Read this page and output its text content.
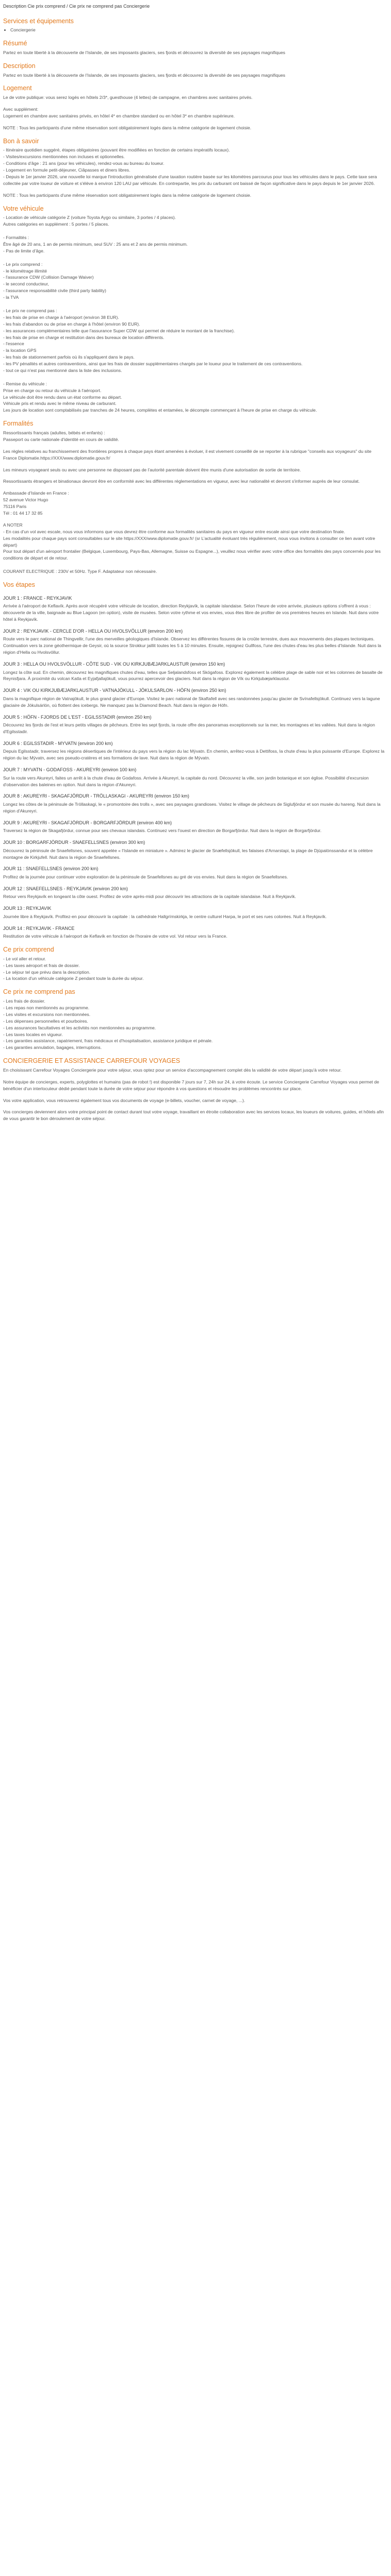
Description Cie prix comprend / Cie prix ne comprend pas Conciergerie
Services et équipements
• Conciergerie
Résumé

Partez en toute liberté à la découverte de l’Islande, de ses imposants glaciers, ses fjords et découvrez la diversité de ses paysages magnifiques

Description

Partez en toute liberté à la découverte de l’Islande, de ses imposants glaciers, ses fjords et découvrez la diversité de ses paysages magnifiques

Logement

Le de votre publique: vous serez logés en hôtels 2/3*, guesthouse (4 lettes) de campagne, en chambres avec sanitaires privés.

Avec supplément:
Logement en chambre avec sanitaires privés, en hôtel 4* en chambre standard ou en hôtel 3* en chambre supérieure.

NOTE : Tous les participants d'une même réservation sont obligatoirement logés dans la même catégorie de logement choisie.

Bon à savoir

- Itinéraire quotidien suggéré, étapes obligatoires (pouvant être modifiées en fonction de certains impératifs locaux).
- Visites/excursions mentionnées non incluses et optionnelles.
- Conditions d’âge : 21 ans (pour les véhicules), rendez-vous au bureau du loueur.
- Logement en formule petit-déjeuner, Ciâpasses et diners libres.
- Depuis le 1er janvier 2026, une nouvelle loi marque l'introduction généralisée d'une taxation routière basée sur les kilomètres parcourus pour tous les véhicules dans le pays. Cette taxe sera collectée par votre loueur de voiture et s'élève à environ 120 LAU par véhicule. En contrepartie, les prix du carburant ont baissé de façon significative dans le pays depuis le 1er janvier 2026.

NOTE : Tous les participants d'une même réservation sont obligatoirement logés dans la même catégorie de logement choisie.

Votre véhicule

- Location de véhicule catégorie Z (voiture Toyota Aygo ou similaire, 3 portes / 4 places).
Autres catégories en supplément : 5 portes / 5 places.

- Formalités :
Être âgé de 20 ans, 1 an de permis minimum, seul SUV : 25 ans et 2 ans de permis minimum.
- Pas de limite d’âge.

- Le prix comprend :
- le kilométrage illimité
- l'assurance CDW (Collision Damage Waiver)
- le second conducteur,
- l'assurance responsabilité civile (third party liability)
- la TVA

- Le prix ne comprend pas :
- les frais de prise en charge à l'aéroport (environ 38 EUR).
- les frais d'abandon ou de prise en charge à l'hôtel (environ 90 EUR).
- les assurances complémentaires telle que l'assurance Super CDW qui permet de réduire le montant de la franchise).
- les frais de prise en charge et restitution dans des bureaux de location différents.
- l'essence
- la location GPS
- les frais de stationnement parfois où ils s'appliquent dans le pays.
- les PV pénalités et autres contraventions, ainsi que les frais de dossier supplémentaires chargés par le loueur pour le traitement de ces contraventions.
- tout ce qui n'est pas mentionné dans la liste des inclusions.

- Remise du véhicule :
Prise en charge ou retour du véhicule à l'aéroport.
Le véhicule doit être rendu dans un état conforme au départ.
Véhicule pris et rendu avec le même niveau de carburant.
Les jours de location sont comptabilisés par tranches de 24 heures, complètes et entamées, le décompte commençant à l'heure de prise en charge du véhicule.

Formalités

Ressortissants français (adultes, bébés et enfants) :
Passeport ou carte nationale d'identité en cours de validité.

Les règles relatives au franchissement des frontières propres à chaque pays étant amenées à évoluer, il est vivement conseillé de se reporter à la rubrique "conseils aux voyageurs" du site France Diplomatie.https://XXX/www.diplomatie.gouv.fr/

Les mineurs voyageant seuls ou avec une personne ne disposant pas de l’autorité parentale doivent être munis d'une autorisation de sortie de territoire.

Ressortissants étrangers et binationaux devront être en conformité avec les différentes réglementations en vigueur, avec leur nationalité et devront s'informer auprès de leur consulat.

Ambassade d'Islande en France :
52 avenue Victor Hugo
75116 Paris
Tél : 01 44 17 32 85

A NOTER
- En cas d'un vol avec escale, nous vous informons que vous devrez être conforme aux formalités sanitaires du pays en vigueur entre escale ainsi que votre destination finale.
Les modalités pour chaque pays sont consultables sur le site https://XXX/www.diplomatie.gouv.fr/ (sr L’actualité évoluant très régulièrement, nous vous invitons à consulter ce lien avant votre départ)
Pour tout départ d'un aéroport frontalier (Belgique, Luxembourg, Pays-Bas, Allemagne, Suisse ou Espagne...), veuillez nous vérifier avec votre office des formalités des pays concernés pour les conditions de départ et de retour.

COURANT ELECTRIQUE : 230V et 50Hz. Type F. Adaptateur non nécessaire.

Vos étapes
JOUR 1 : FRANCE - REYKJAVIK

Arrivée à l'aéroport de Keflavík. Après avoir récupéré votre véhicule de location, direction Reykjavík, la capitale islandaise. Selon l'heure de votre arrivée, plusieurs options s'offrent à vous : découverte de la ville, baignade au Blue Lagoon (en option), visite de musées. Selon votre rythme et vos envies, vous êtes libre de profiter de vos premières heures en Islande. Nuit dans votre hôtel à Reykjavík.

JOUR 2 : REYKJAVIK - CERCLE D'OR - HELLA OU HVOLSVÖLLUR (environ 200 km)

Route vers le parc national de Thingvellir, l'une des merveilles géologiques d'Islande. Observez les différentes fissures de la croûte terrestre, dues aux mouvements des plaques tectoniques. Continuation vers la zone géothermique de Geysir, où la source Strokkur jaillit toutes les 5 à 10 minutes. Ensuite, rejoignez Gullfoss, l'une des chutes d'eau les plus belles d'Islande. Nuit dans la région d'Hella ou Hvolsvöllur.

JOUR 3 : HELLA OU HVOLSVÖLLUR - CÔTE SUD - VIK OU KIRKJUBÆJARKLAUSTUR (environ 150 km)

Longez la côte sud. En chemin, découvrez les magnifiques chutes d'eau, telles que Seljalandsfoss et Skógafoss. Explorez également la célèbre plage de sable noir et les colonnes de basalte de Reynisfjara. À proximité du volcan Katla et Eyjafjallajökull, vous pourrez apercevoir des glaciers. Nuit dans la région de Vík ou Kirkjubæjarklaustur.

JOUR 4 : VIK OU KIRKJUBÆJARKLAUSTUR - VATNAJÖKULL - JÖKULSARLON - HÖFN (environ 250 km)

Dans la magnifique région de Vatnajökull, le plus grand glacier d'Europe. Visitez le parc national de Skaftafell avec ses randonnées jusqu'au glacier de Svínafellsjökull. Continuez vers la lagune glaciaire de Jökulsárlón, où flottent des icebergs. Ne manquez pas la Diamond Beach. Nuit dans la région de Höfn.

JOUR 5 : HÖFN - FJORDS DE L'EST - EGILSSTADIR (environ 250 km)

Découvrez les fjords de l'est et leurs petits villages de pêcheurs. Entre les sept fjords, la route offre des panoramas exceptionnels sur la mer, les montagnes et les vallées. Nuit dans la région d'Egilsstadir.

JOUR 6 : EGILSSTADIR - MYVATN (environ 200 km)

Depuis Egilsstadir, traversez les régions désertiques de l'intérieur du pays vers la région du lac Mývatn. En chemin, arrêtez-vous à Dettifoss, la chute d'eau la plus puissante d'Europe. Explorez la région du lac Mývatn, avec ses pseudo-cratères et ses formations de lave. Nuit dans la région de Mývatn.

JOUR 7 : MYVATN - GODAFOSS - AKUREYRI (environ 100 km)

Sur la route vers Akureyri, faites un arrêt à la chute d'eau de Godafoss. Arrivée à Akureyri, la capitale du nord. Découvrez la ville, son jardin botanique et son église. Possibilité d'excursion d'observation des baleines en option. Nuit dans la région d'Akureyri.

JOUR 8 : AKUREYRI - SKAGAFJÖRDUR - TRÖLLASKAGI - AKUREYRI (environ 150 km)

Longez les côtes de la péninsule de Tröllaskagi, le « promontoire des trolls », avec ses paysages grandioses. Visitez le village de pêcheurs de Siglufjördur et son musée du hareng. Nuit dans la région d'Akureyri.

JOUR 9 : AKUREYRI - SKAGAFJÖRDUR - BORGARFJÖRDUR (environ 400 km)

Traversez la région de Skagafjördur, connue pour ses chevaux islandais. Continuez vers l'ouest en direction de Borgarfjördur. Nuit dans la région de Borgarfjördur.

JOUR 10 : BORGARFJÖRDUR - SNAEFELLSNES (environ 300 km)

Découvrez la péninsule de Snaefellsnes, souvent appelée « l'Islande en miniature ». Admirez le glacier de Snæfellsjökull, les falaises d'Arnarstapi, la plage de Djúpalónssandur et la célèbre montagne de Kirkjufell. Nuit dans la région de Snaefellsnes.

JOUR 11 : SNAEFELLSNES (environ 200 km)

Profitez de la journée pour continuer votre exploration de la péninsule de Snaefellsnes au gré de vos envies. Nuit dans la région de Snaefellsnes.

JOUR 12 : SNAEFELLSNES - REYKJAVIK (environ 200 km)

Retour vers Reykjavík en longeant la côte ouest. Profitez de votre après-midi pour découvrir les attractions de la capitale islandaise. Nuit à Reykjavík.

JOUR 13 : REYKJAVIK

Journée libre à Reykjavík. Profitez-en pour découvrir la capitale : la cathédrale Hallgrímskirkja, le centre culturel Harpa, le port et ses rues colorées. Nuit à Reykjavík.

JOUR 14 : REYKJAVIK - FRANCE

Restitution de votre véhicule à l'aéroport de Keflavík en fonction de l'horaire de votre vol. Vol retour vers la France.

Ce prix comprend

- Le vol aller et retour.
- Les taxes aéroport et frais de dossier.
- Le séjour tel que prévu dans la description.
- La location d'un véhicule catégorie Z pendant toute la durée du séjour.

Ce prix ne comprend pas

- Les frais de dossier.
- Les repas non mentionnés au programme.
- Les visites et excursions non mentionnées.
- Les dépenses personnelles et pourboires.
- Les assurances facultatives et les activités non mentionnées au programme.
- Les taxes locales en vigueur.
- Les garanties assistance, rapatriement, frais médicaux et d'hospitalisation, assistance juridique et pénale.
- Les garanties annulation, bagages, interruptions.

CONCIERGERIE ET ASSISTANCE CARREFOUR VOYAGES

En choisissant Carrefour Voyages Conciergerie pour votre séjour, vous optez pour un service d'accompagnement complet dès la validité de votre départ jusqu'à votre retour.

Notre équipe de concierges, experts, polyglottes et humains (pas de robot !) est disponible 7 jours sur 7, 24h sur 24, à votre écoute. Le service Conciergerie Carrefour Voyages vous permet de bénéficier d'un interlocuteur dédié pendant toute la durée de votre séjour pour répondre à vos questions et résoudre les problèmes rencontrés sur place.

Vos votre application, vous retrouverez également tous vos documents de voyage (e-billets, voucher, carnet de voyage, ...).

Vos concierges deviennent alors votre principal point de contact durant tout votre voyage, travaillant en étroite collaboration avec les services locaux, les loueurs de voitures, guides, et hôtels afin de vous garantir le bon déroulement de votre séjour.
